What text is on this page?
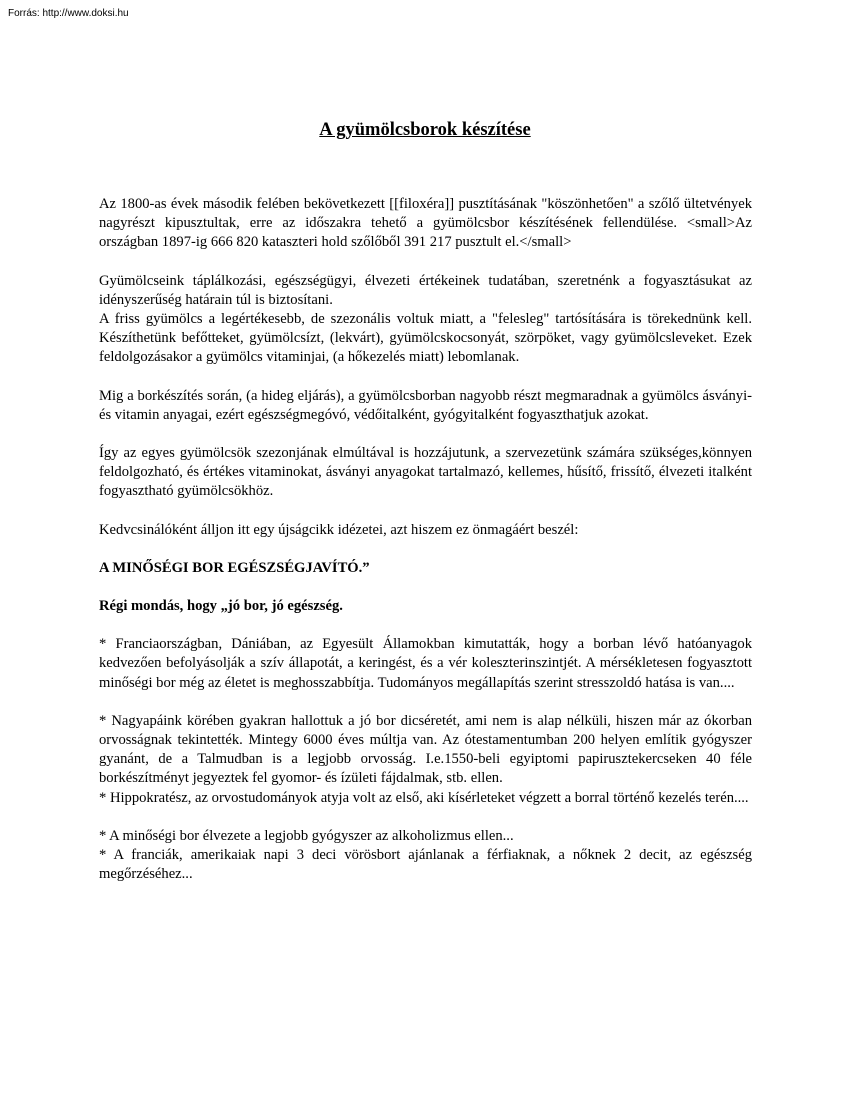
Forrás: http://www.doksi.hu
A gyümölcsborok készítése

Az 1800-as évek második felében bekövetkezett [[filoxéra]] pusztításának "köszönhetően" a szőlő ültetvények nagyrészt kipusztultak, erre az időszakra tehető a gyümölcsbor készítésének fellendülése. <small>Az országban 1897-ig 666 820 kataszteri hold szőlőből 391 217 pusztult el.</small>

Gyümölcseink táplálkozási, egészségügyi, élvezeti értékeinek tudatában, szeretnénk a fogyasztásukat az idényszerűség határain túl is biztosítani.

A friss gyümölcs a legértékesebb, de szezonális voltuk miatt, a "felesleg" tartósítására is törekednünk kell. Készíthetünk befőtteket, gyümölcsízt, (lekvárt), gyümölcskocsonyát, szörpöket, vagy gyümölcsleveket. Ezek feldolgozásakor a gyümölcs vitaminjai, (a hőkezelés miatt) lebomlanak.

Mig a borkészítés során, (a hideg eljárás), a gyümölcsborban nagyobb részt megmaradnak a gyümölcs ásványi- és vitamin anyagai, ezért egészségmegóvó, védőitalként, gyógyitalként fogyaszthatjuk azokat.

Így az egyes gyümölcsök szezonjának elmúltával is hozzájutunk, a szervezetünk számára szükséges,könnyen feldolgozható, és értékes vitaminokat, ásványi anyagokat tartalmazó, kellemes, hűsítő, frissítő, élvezeti italként fogyasztható gyümölcsökhöz.

Kedvcsinálóként álljon itt egy újságcikk idézetei, azt hiszem ez önmagáért beszél:

A MINŐSÉGI BOR EGÉSZSÉGJAVÍTÓ.”

Régi mondás, hogy „jó bor, jó egészség.

* Franciaországban, Dániában, az Egyesült Államokban kimutatták, hogy a borban lévő hatóanyagok kedvezően befolyásolják a szív állapotát, a keringést, és a vér koleszterinszintjét. A mérsékletesen fogyasztott minőségi bor még az életet is meghosszabbítja. Tudományos megállapítás szerint stresszoldó hatása is van....

* Nagyapáink körében gyakran hallottuk a jó bor dicséretét, ami nem is alap nélküli, hiszen már az ókorban orvosságnak tekintették. Mintegy 6000 éves múltja van. Az ótestamentumban 200 helyen említik gyógyszer gyanánt, de a Talmudban is a legjobb orvosság. I.e.1550-beli egyiptomi papirusztekercseken 40 féle borkészítményt jegyeztek fel gyomor- és ízületi fájdalmak, stb. ellen.

* Hippokratész, az orvostudományok atyja volt az első, aki kísérleteket végzett a borral történő kezelés terén....

* A minőségi bor élvezete a legjobb gyógyszer az alkoholizmus ellen...

* A franciák, amerikaiak napi 3 deci vörösbort ajánlanak a férfiaknak, a nőknek 2 decit, az egészség megőrzéséhez...
